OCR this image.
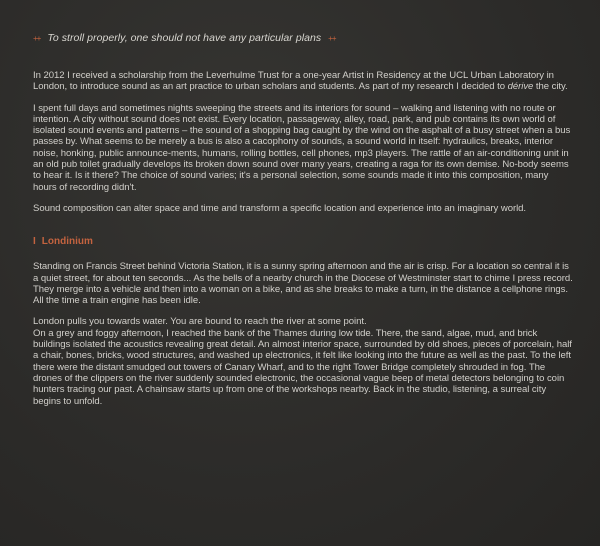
++ To stroll properly, one should not have any particular plans ++

In 2012 I received a scholarship from the Leverhulme Trust for a one-year Artist in Residency at the UCL Urban Laboratory in London, to introduce sound as an art practice to urban scholars and students. As part of my research I decided to dérive the city.

I spent full days and sometimes nights sweeping the streets and its interiors for sound – walking and listening with no route or intention. A city without sound does not exist. Every location, passageway, alley, road, park, and pub contains its own world of isolated sound events and patterns – the sound of a shopping bag caught by the wind on the asphalt of a busy street when a bus passes by. What seems to be merely a bus is also a cacophony of sounds, a sound world in itself: hydraulics, breaks, interior noise, honking, public announce-ments, humans, rolling bottles, cell phones, mp3 players. The rattle of an air-conditioning unit in an old pub toilet gradually develops its broken down sound over many years, creating a raga for its own demise. No-body seems to hear it. Is it there? The choice of sound varies; it's a personal selection, some sounds made it into this composition, many hours of recording didn't.

Sound composition can alter space and time and transform a specific location and experience into an imaginary world.

I Londinium

Standing on Francis Street behind Victoria Station, it is a sunny spring afternoon and the air is crisp. For a location so central it is a quiet street, for about ten seconds... As the bells of a nearby church in the Diocese of Westminster start to chime I press record. They merge into a vehicle and then into a woman on a bike, and as she breaks to make a turn, in the distance a cellphone rings. All the time a train engine has been idle.

London pulls you towards water. You are bound to reach the river at some point.
On a grey and foggy afternoon, I reached the bank of the Thames during low tide. There, the sand, algae, mud, and brick buildings isolated the acoustics revealing great detail. An almost interior space, surrounded by old shoes, pieces of porcelain, half a chair, bones, bricks, wood structures, and washed up electronics, it felt like looking into the future as well as the past. To the left there were the distant smudged out towers of Canary Wharf, and to the right Tower Bridge completely shrouded in fog. The drones of the clippers on the river suddenly sounded electronic, the occasional vague beep of metal detectors belonging to coin hunters tracing our past. A chainsaw starts up from one of the workshops nearby. Back in the studio, listening, a surreal city begins to unfold.
